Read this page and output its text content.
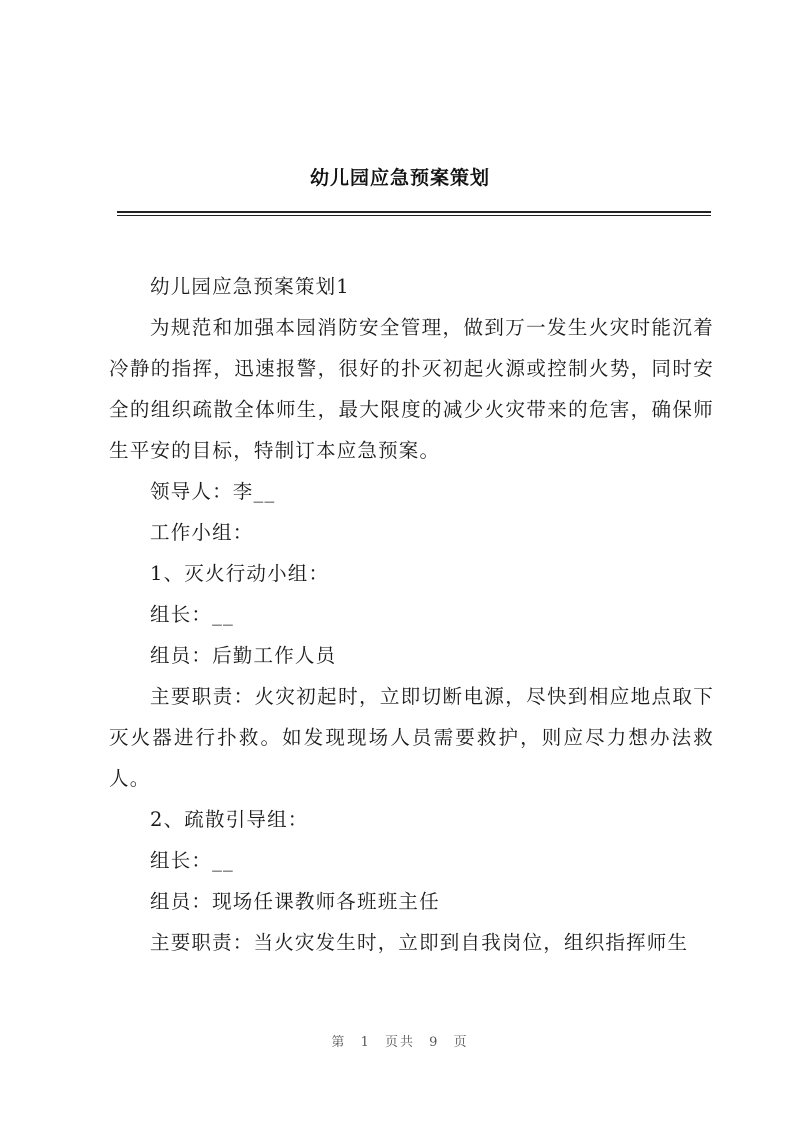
幼儿园应急预案策划

幼儿园应急预案策划1

为规范和加强本园消防安全管理，做到万一发生火灾时能沉着冷静的指挥，迅速报警，很好的扑灭初起火源或控制火势，同时安全的组织疏散全体师生，最大限度的减少火灾带来的危害，确保师生平安的目标，特制订本应急预案。

领导人：李__

工作小组：

1、灭火行动小组：

组长：__

组员：后勤工作人员

主要职责：火灾初起时，立即切断电源，尽快到相应地点取下灭火器进行扑救。如发现现场人员需要救护，则应尽力想办法救人。

2、疏散引导组：

组长：__

组员：现场任课教师各班班主任

主要职责：当火灾发生时，立即到自我岗位，组织指挥师生

第 1 页共 9 页
